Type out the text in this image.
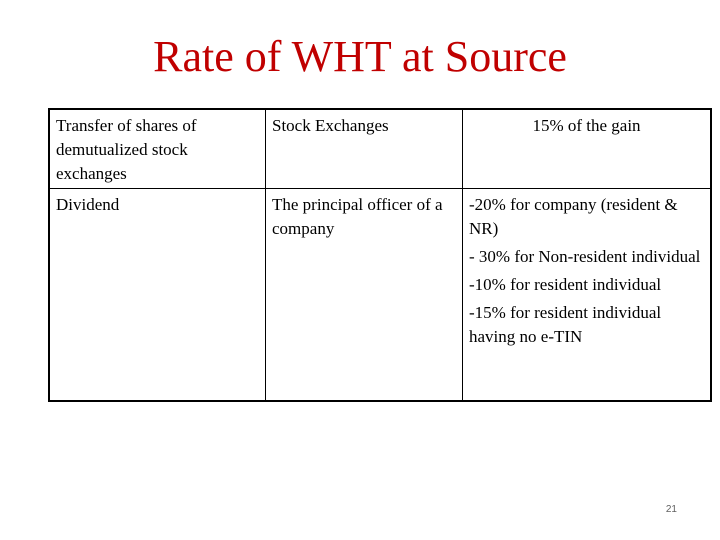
Rate of WHT at Source
Transfer of shares of demutualized stock exchanges	Stock Exchanges	15% of the gain

Dividend	The principal officer of a company	-20% for company (resident & NR)
- 30% for Non-resident individual
-10% for resident individual
-15% for resident individual having no e-TIN
21
